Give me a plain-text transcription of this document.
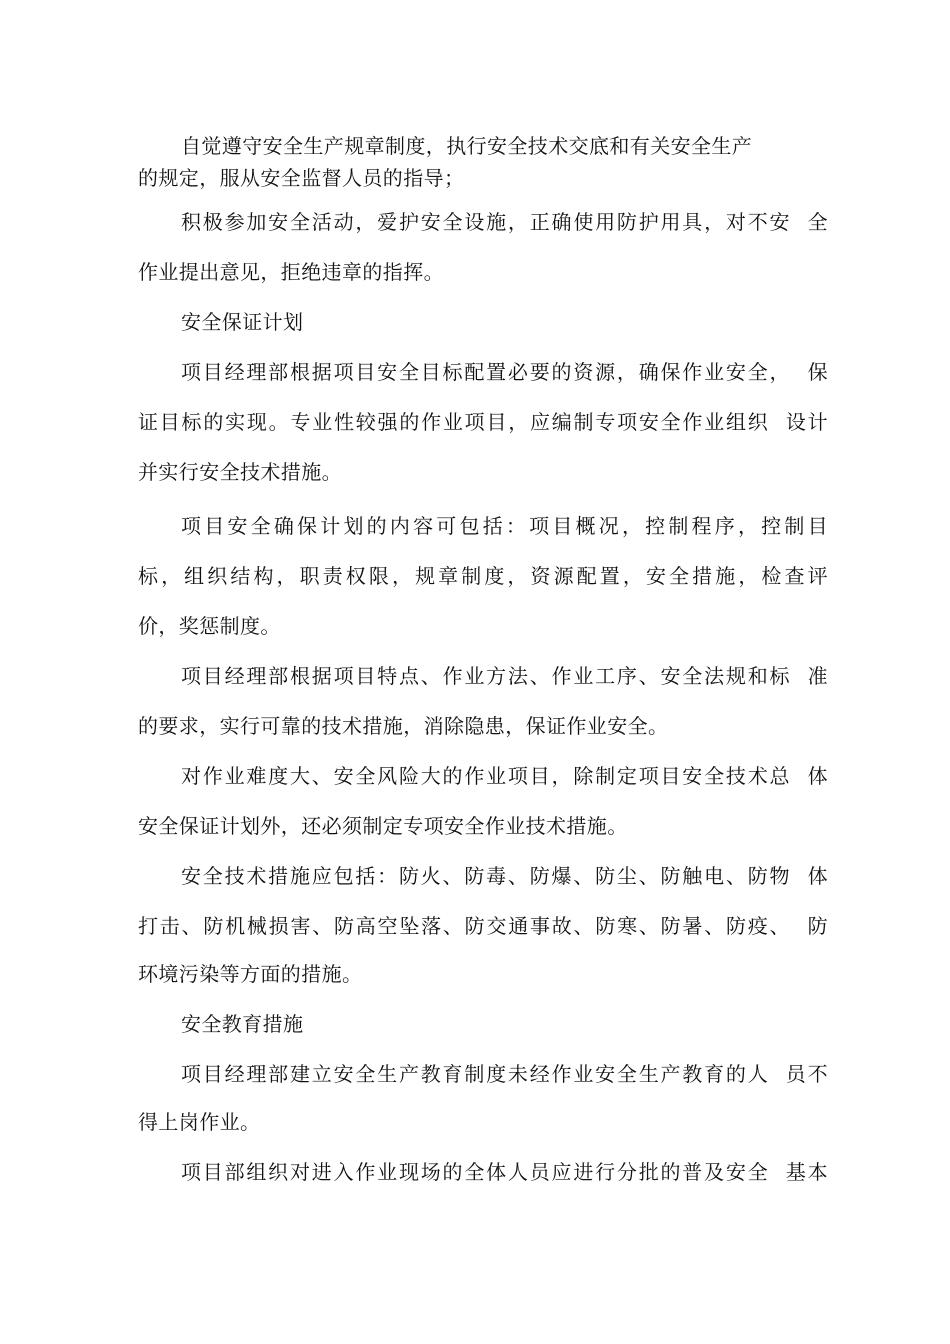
自觉遵守安全生产规章制度，执行安全技术交底和有关安全生产
的规定，服从安全监督人员的指导；
积极参加安全活动，爱护安全设施，正确使用防护用具，对不安  全
作业提出意见，拒绝违章的指挥。
安全保证计划
项目经理部根据项目安全目标配置必要的资源，确保作业安全，  保
证目标的实现。专业性较强的作业项目，应编制专项安全作业组织  设计
并实行安全技术措施。
项目安全确保计划的内容可包括：项目概况，控制程序，控制目
标，组织结构，职责权限，规章制度，资源配置，安全措施，检查评
价，奖惩制度。
项目经理部根据项目特点、作业方法、作业工序、安全法规和标  准
的要求，实行可靠的技术措施，消除隐患，保证作业安全。
对作业难度大、安全风险大的作业项目，除制定项目安全技术总  体
安全保证计划外，还必须制定专项安全作业技术措施。
安全技术措施应包括：防火、防毒、防爆、防尘、防触电、防物  体
打击、防机械损害、防高空坠落、防交通事故、防寒、防暑、防疫、  防
环境污染等方面的措施。
安全教育措施
项目经理部建立安全生产教育制度未经作业安全生产教育的人  员不
得上岗作业。
项目部组织对进入作业现场的全体人员应进行分批的普及安全  基本
